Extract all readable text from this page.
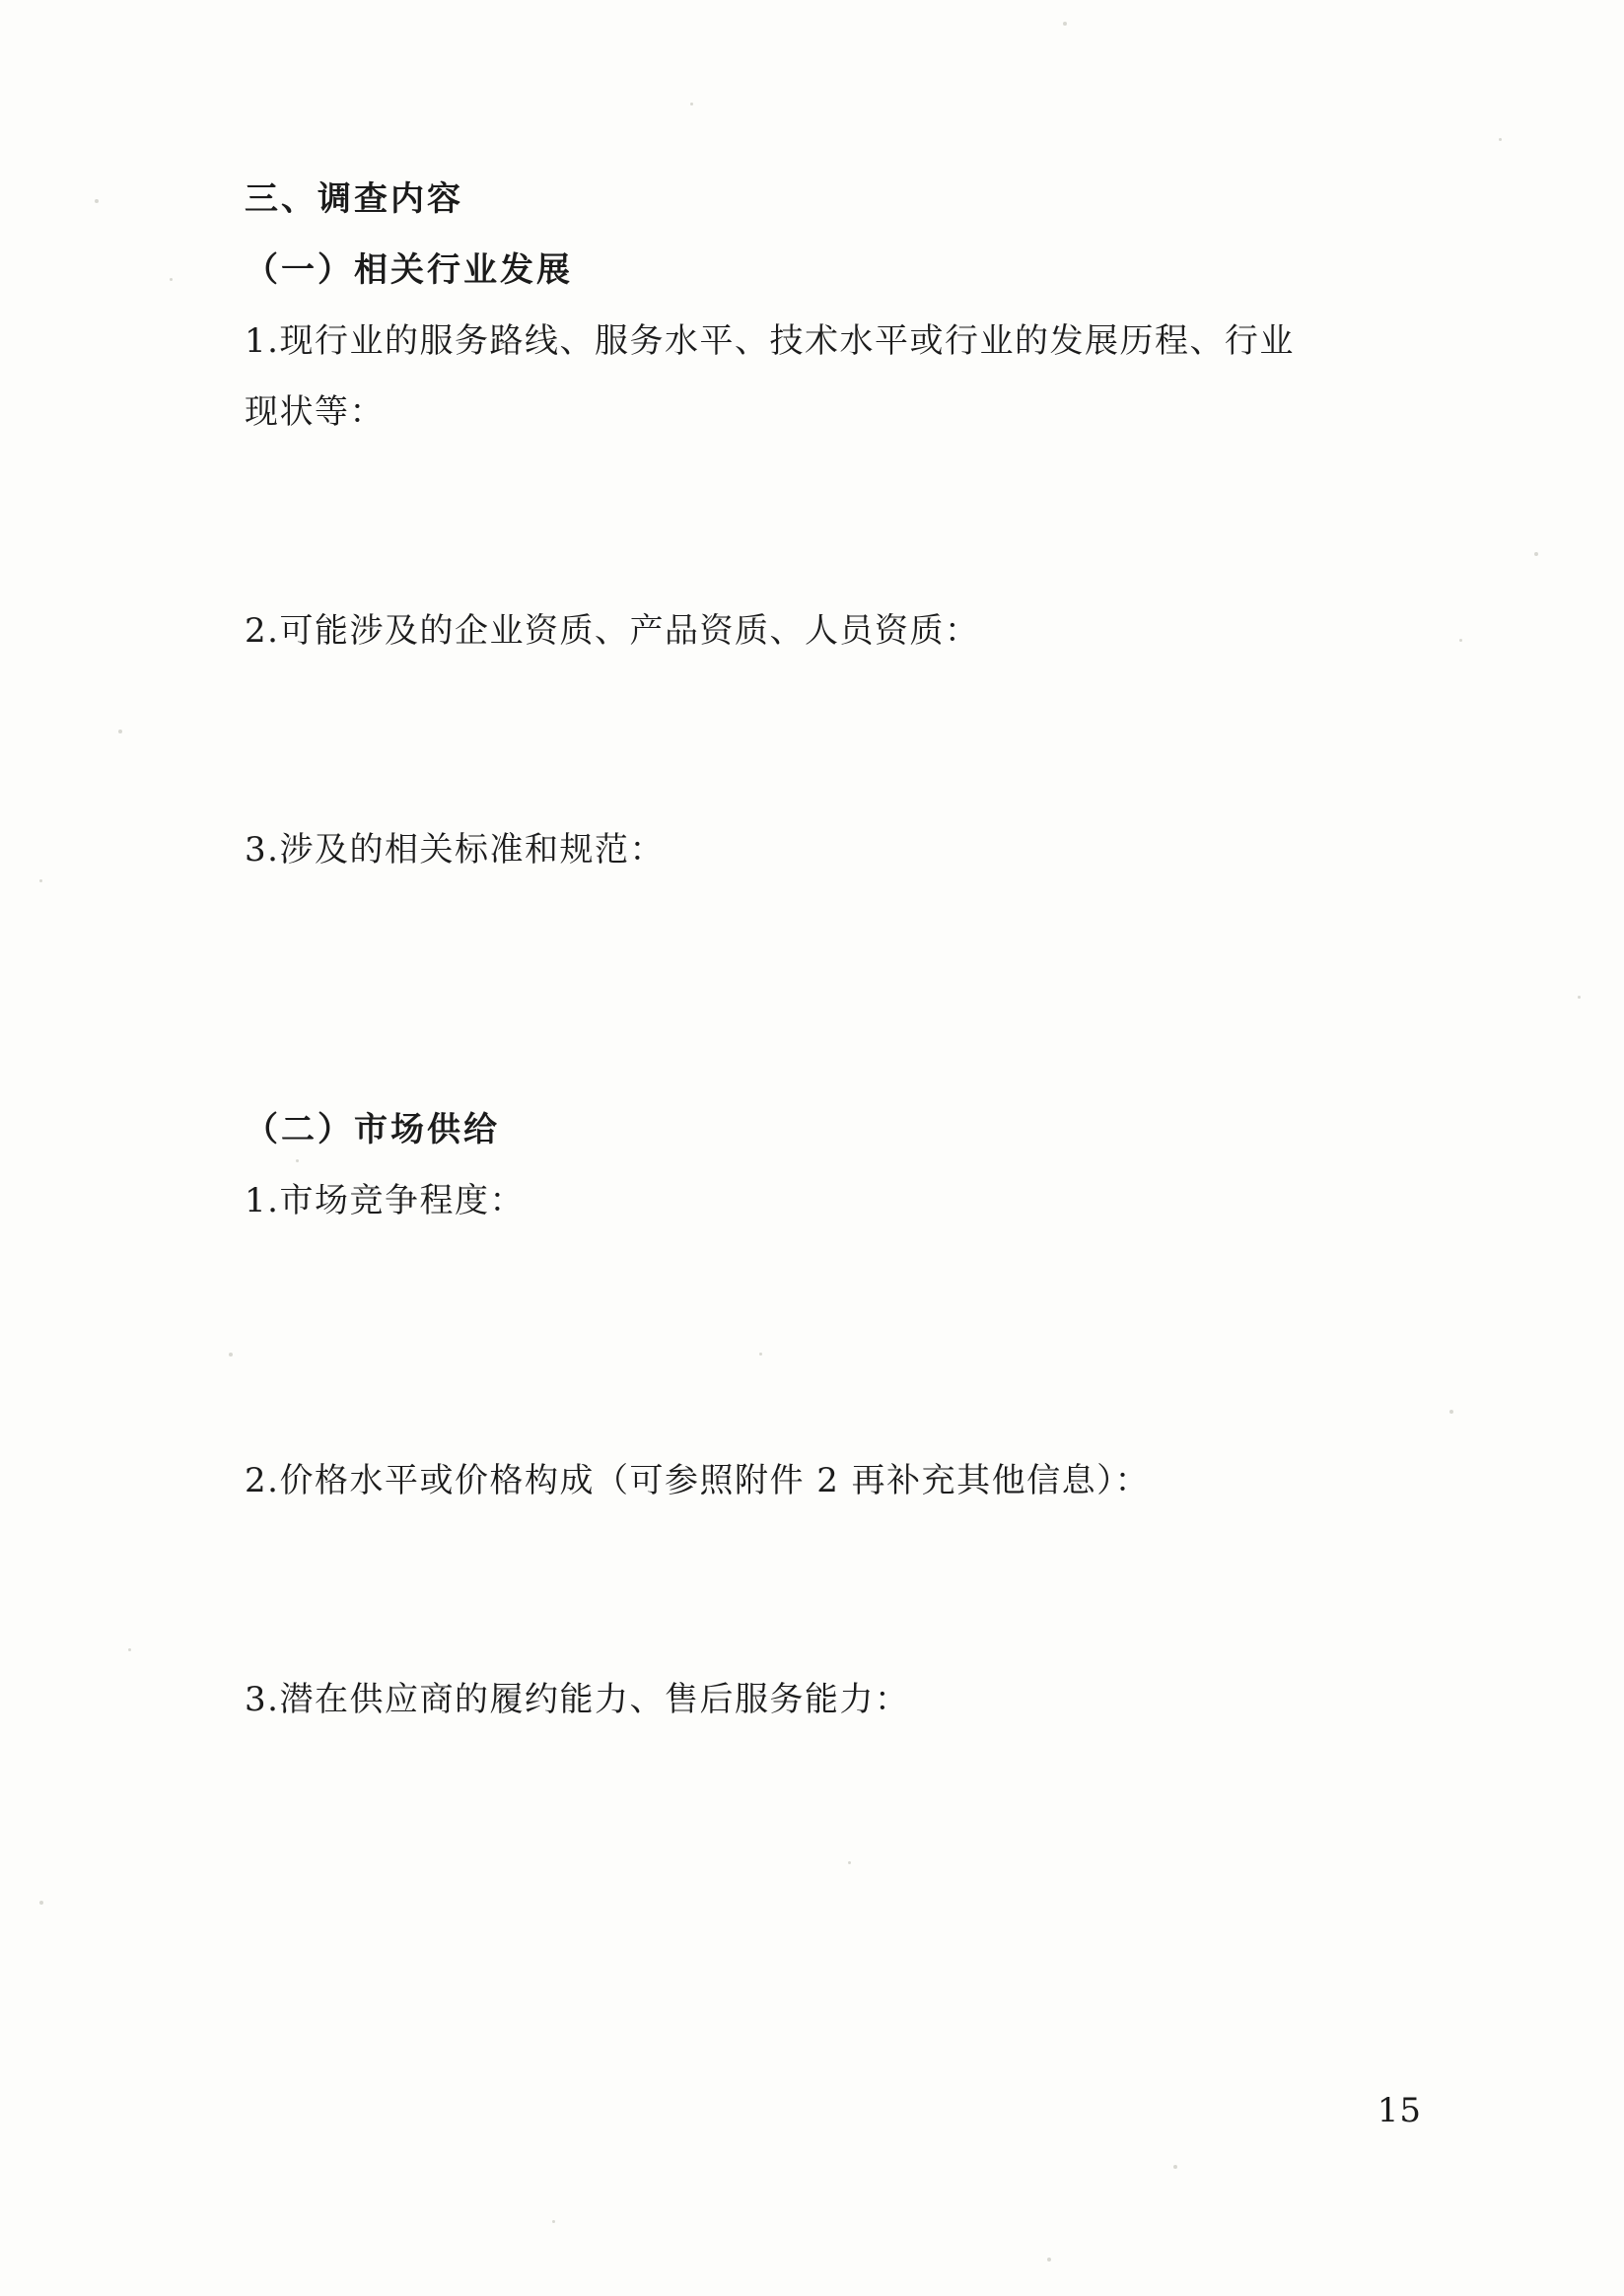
三、调查内容
（一）相关行业发展
1.现行业的服务路线、服务水平、技术水平或行业的发展历程、行业
现状等：
2.可能涉及的企业资质、产品资质、人员资质：
3.涉及的相关标准和规范：
（二）市场供给
1.市场竞争程度：
2.价格水平或价格构成（可参照附件 2 再补充其他信息）：
3.潜在供应商的履约能力、售后服务能力：
15
